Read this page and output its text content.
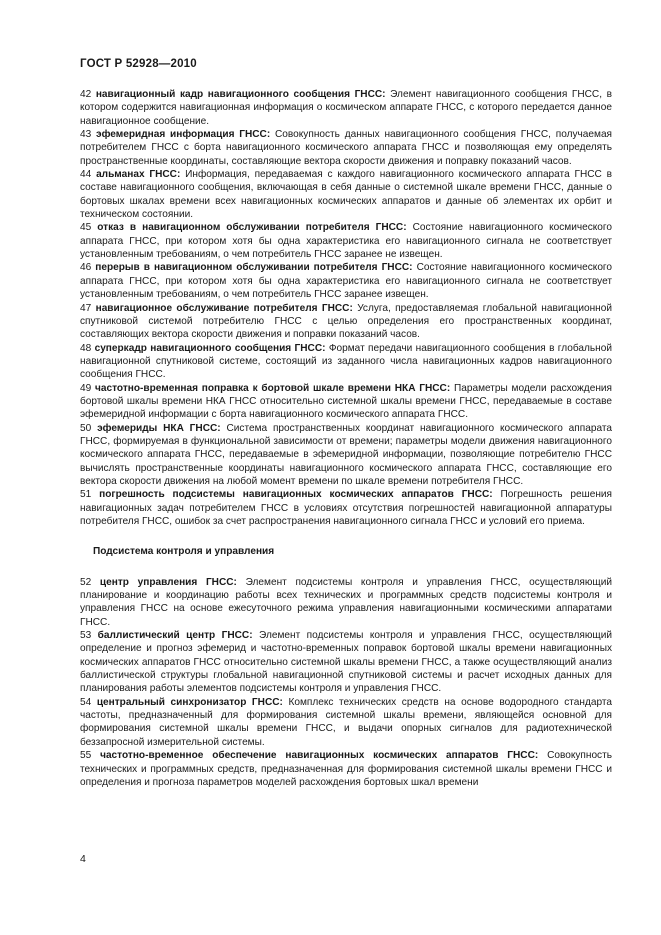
ГОСТ Р 52928—2010

42 навигационный кадр навигационного сообщения ГНСС: Элемент навигационного сообщения ГНСС, в котором содержится навигационная информация о космическом аппарате ГНСС, с которого передается данное навигационное сообщение.

43 эфемеридная информация ГНСС: Совокупность данных навигационного сообщения ГНСС, получаемая потребителем ГНСС с борта навигационного космического аппарата ГНСС и позволяющая ему определять пространственные координаты, составляющие вектора скорости движения и поправку показаний часов.

44 альманах ГНСС: Информация, передаваемая с каждого навигационного космического аппарата ГНСС в составе навигационного сообщения, включающая в себя данные о системной шкале времени ГНСС, данные о бортовых шкалах времени всех навигационных космических аппаратов и данные об элементах их орбит и техническом состоянии.

45 отказ в навигационном обслуживании потребителя ГНСС: Состояние навигационного космического аппарата ГНСС, при котором хотя бы одна характеристика его навигационного сигнала не соответствует установленным требованиям, о чем потребитель ГНСС заранее не извещен.

46 перерыв в навигационном обслуживании потребителя ГНСС: Состояние навигационного космического аппарата ГНСС, при котором хотя бы одна характеристика его навигационного сигнала не соответствует установленным требованиям, о чем потребитель ГНСС заранее извещен.

47 навигационное обслуживание потребителя ГНСС: Услуга, предоставляемая глобальной навигационной спутниковой системой потребителю ГНСС с целью определения его пространственных координат, составляющих вектора скорости движения и поправки показаний часов.

48 суперкадр навигационного сообщения ГНСС: Формат передачи навигационного сообщения в глобальной навигационной спутниковой системе, состоящий из заданного числа навигационных кадров навигационного сообщения ГНСС.

49 частотно-временная поправка к бортовой шкале времени НКА ГНСС: Параметры модели расхождения бортовой шкалы времени НКА ГНСС относительно системной шкалы времени ГНСС, передаваемые в составе эфемеридной информации с борта навигационного космического аппарата ГНСС.

50 эфемериды НКА ГНСС: Система пространственных координат навигационного космического аппарата ГНСС, формируемая в функциональной зависимости от времени; параметры модели движения навигационного космического аппарата ГНСС, передаваемые в эфемеридной информации, позволяющие потребителю ГНСС вычислять пространственные координаты навигационного космического аппарата ГНСС, составляющие его вектора скорости движения на любой момент времени по шкале времени потребителя ГНСС.

51 погрешность подсистемы навигационных космических аппаратов ГНСС: Погрешность решения навигационных задач потребителем ГНСС в условиях отсутствия погрешностей навигационной аппаратуры потребителя ГНСС, ошибок за счет распространения навигационного сигнала ГНСС и условий его приема.

Подсистема контроля и управления

52 центр управления ГНСС: Элемент подсистемы контроля и управления ГНСС, осуществляющий планирование и координацию работы всех технических и программных средств подсистемы контроля и управления ГНСС на основе ежесуточного режима управления навигационными космическими аппаратами ГНСС.

53 баллистический центр ГНСС: Элемент подсистемы контроля и управления ГНСС, осуществляющий определение и прогноз эфемерид и частотно-временных поправок бортовой шкалы времени навигационных космических аппаратов ГНСС относительно системной шкалы времени ГНСС, а также осуществляющий анализ баллистической структуры глобальной навигационной спутниковой системы и расчет исходных данных для планирования работы элементов подсистемы контроля и управления ГНСС.

54 центральный синхронизатор ГНСС: Комплекс технических средств на основе водородного стандарта частоты, предназначенный для формирования системной шкалы времени, являющейся основной для формирования системной шкалы времени ГНСС, и выдачи опорных сигналов для радиотехнической беззапросной измерительной системы.

55 частотно-временное обеспечение навигационных космических аппаратов ГНСС: Совокупность технических и программных средств, предназначенная для формирования системной шкалы времени ГНСС и определения и прогноза параметров моделей расхождения бортовых шкал времени

4
